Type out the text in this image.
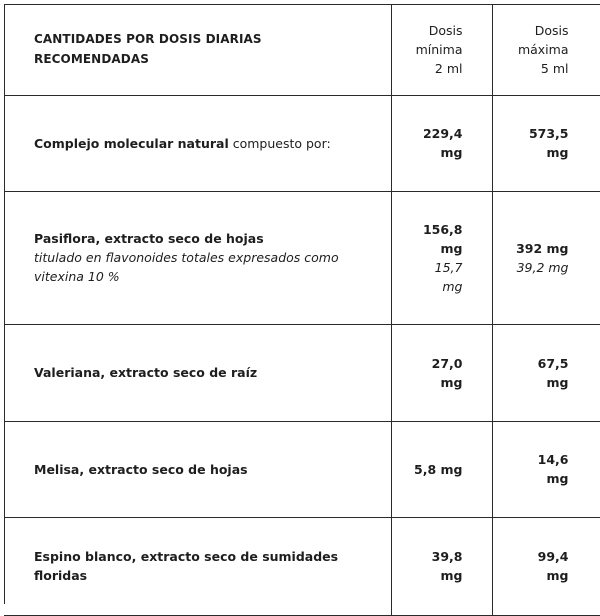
CANTIDADES POR DOSIS DIARIAS RECOMENDADAS	Dosis
mínima
2 ml	Dosis
máxima
5 ml

Complejo molecular natural compuesto por:	229,4
mg	573,5
mg

Pasiflora, extracto seco de hojas
titulado en flavonoides totales expresados como vitexina 10 %	156,8
mg
15,7
mg	392 mg
39,2 mg

Valeriana, extracto seco de raíz	27,0
mg	67,5
mg

Melisa, extracto seco de hojas	5,8 mg	14,6
mg

Espino blanco, extracto seco de sumidades floridas	39,8
mg	99,4
mg
